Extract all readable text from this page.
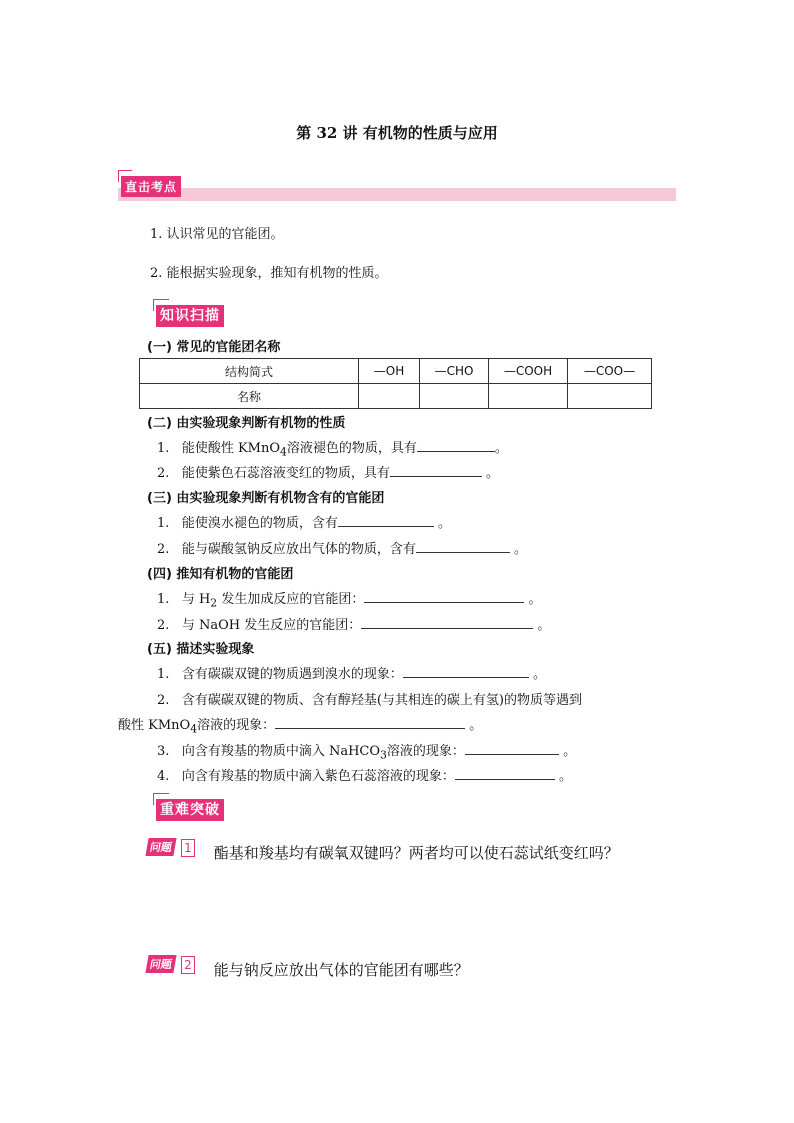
第 32 讲 有机物的性质与应用
直击考点
1. 认识常见的官能团。
2. 能根据实验现象，推知有机物的性质。
知识扫描
(一) 常见的官能团名称
结构简式	—OH	—CHO	—COOH	—COO—
名称				
(二) 由实验现象判断有机物的性质
1. 能使酸性 KMnO$_4$溶液褪色的物质，具有	。
2. 能使紫色石蕊溶液变红的物质，具有	。
(三) 由实验现象判断有机物含有的官能团
1. 能使溴水褪色的物质，含有	。
2. 能与碳酸氢钠反应放出气体的物质，含有	。
(四) 推知有机物的官能团
1. 与 $H_2$ 发生加成反应的官能团：	。
2. 与 NaOH 发生反应的官能团：	。
(五) 描述实验现象
1. 含有碳碳双键的物质遇到溴水的现象：	。
2. 含有碳碳双键的物质、含有醇羟基(与其相连的碳上有氢)的物质等遇到
酸性 KMnO$_4$溶液的现象：	。
3. 向含有羧基的物质中滴入 NaHCO$_3$溶液的现象：	。
4. 向含有羧基的物质中滴入紫色石蕊溶液的现象：	。
重难突破
问题 1 酯基和羧基均有碳氧双键吗？两者均可以使石蕊试纸变红吗？
问题 2 能与钠反应放出气体的官能团有哪些？
